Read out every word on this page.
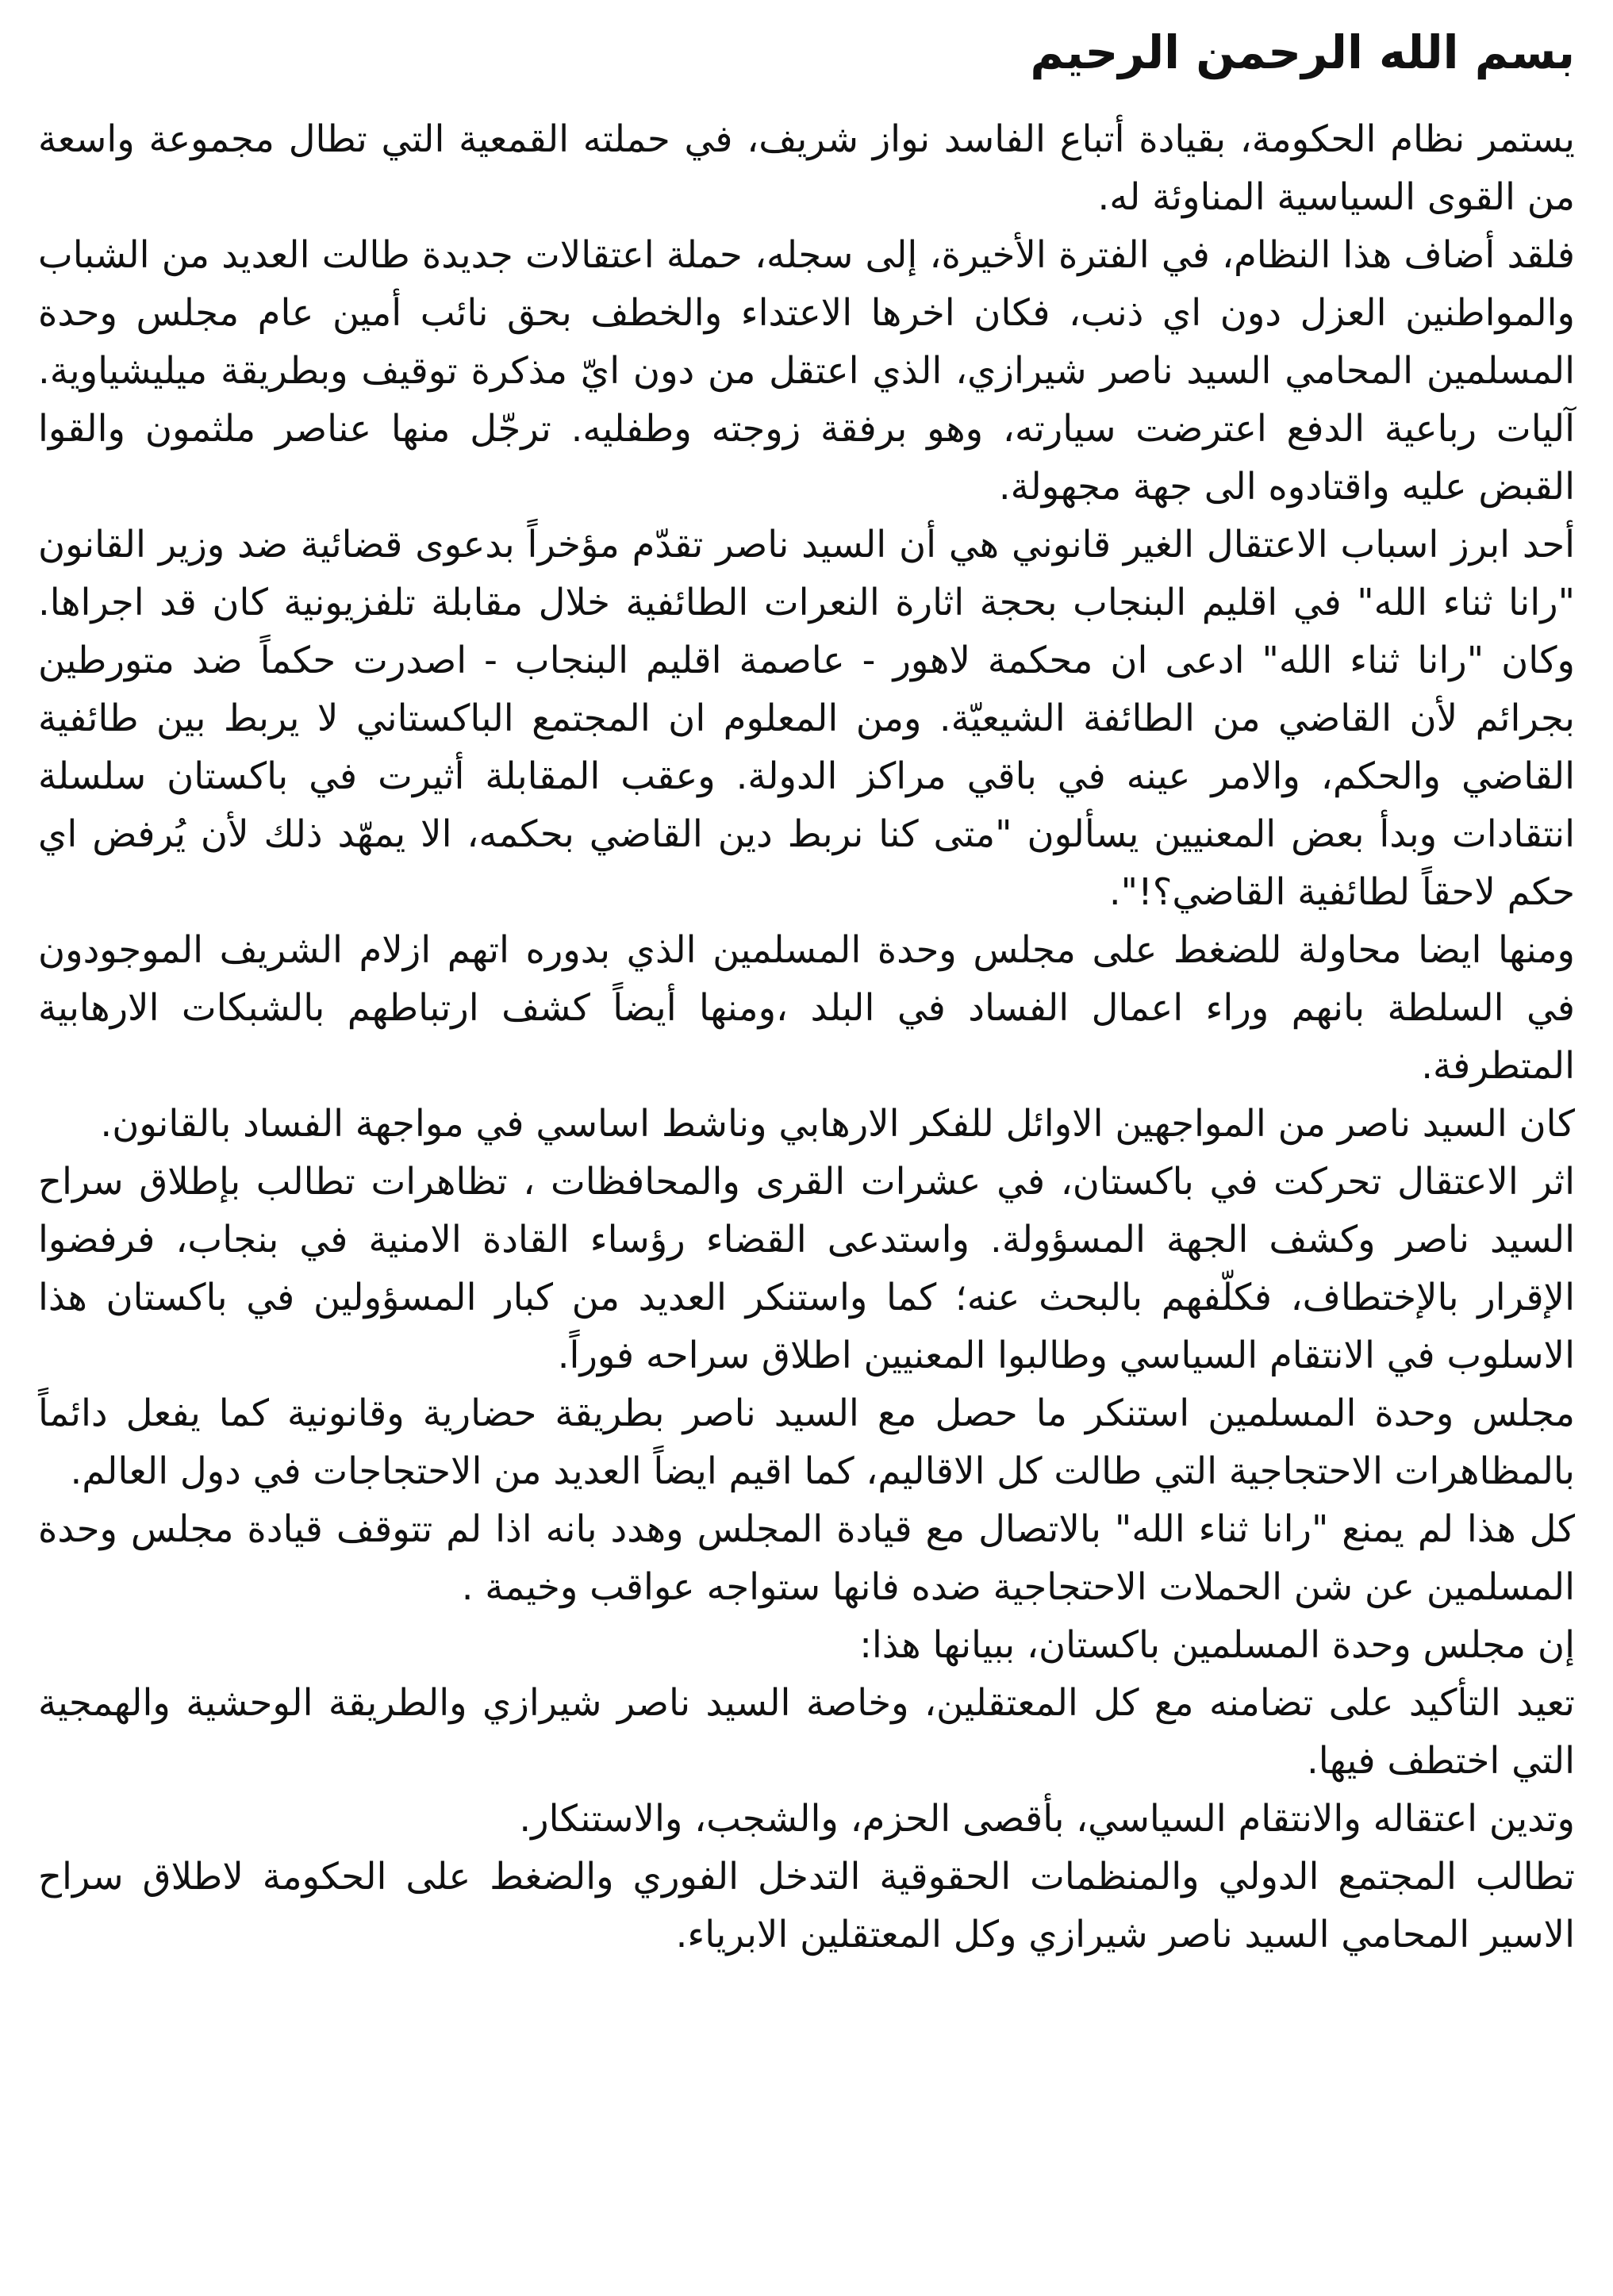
بسم الله الرحمن الرحيم

يستمر نظام الحكومة، بقيادة أتباع الفاسد نواز شريف، في حملته القمعية التي تطال مجموعة واسعة من القوى السياسية المناوئة له.

فلقد أضاف هذا النظام، في الفترة الأخيرة، إلى سجله، حملة اعتقالات جديدة طالت العديد من الشباب والمواطنين العزل دون اي ذنب، فكان اخرها الاعتداء والخطف بحق نائب أمين عام مجلس وحدة المسلمين المحامي السيد ناصر شيرازي، الذي اعتقل من دون ايّ مذكرة توقيف وبطريقة ميليشياوية. آليات رباعية الدفع اعترضت سيارته، وهو برفقة زوجته وطفليه. ترجّل منها عناصر ملثمون والقوا القبض عليه واقتادوه الى جهة مجهولة.

أحد ابرز اسباب الاعتقال الغير قانوني هي أن السيد ناصر تقدّم مؤخراً بدعوى قضائية ضد وزير القانون "رانا ثناء الله" في اقليم البنجاب بحجة اثارة النعرات الطائفية خلال مقابلة تلفزيونية كان قد اجراها. وكان "رانا ثناء الله" ادعى ان محكمة لاهور - عاصمة اقليم البنجاب - اصدرت حكماً ضد متورطين بجرائم لأن القاضي من الطائفة الشيعيّة. ومن المعلوم ان المجتمع الباكستاني لا يربط بين طائفية القاضي والحكم، والامر عينه في باقي مراكز الدولة. وعقب المقابلة أثيرت في باكستان سلسلة انتقادات وبدأ بعض المعنيين يسألون "متى كنا نربط دين القاضي بحكمه، الا يمهّد ذلك لأن يُرفض اي حكم لاحقاً لطائفية القاضي؟!".

ومنها ايضا محاولة للضغط على مجلس وحدة المسلمين الذي بدوره اتهم ازلام الشريف الموجودون في السلطة بانهم وراء اعمال الفساد في البلد ،ومنها أيضاً كشف ارتباطهم بالشبكات الارهابية المتطرفة.

كان السيد ناصر من المواجهين الاوائل للفكر الارهابي وناشط اساسي في مواجهة الفساد بالقانون.

اثر الاعتقال تحركت في باكستان، في عشرات القرى والمحافظات ، تظاهرات تطالب بإطلاق سراح السيد ناصر وكشف الجهة المسؤولة. واستدعى القضاء رؤساء القادة الامنية في بنجاب، فرفضوا الإقرار بالإختطاف، فكلّفهم بالبحث عنه؛ كما واستنكر العديد من كبار المسؤولين في باكستان هذا الاسلوب في الانتقام السياسي وطالبوا المعنيين اطلاق سراحه فوراً.

مجلس وحدة المسلمين استنكر ما حصل مع السيد ناصر بطريقة حضارية وقانونية كما يفعل دائماً بالمظاهرات الاحتجاجية التي طالت كل الاقاليم، كما اقيم ايضاً العديد من الاحتجاجات في دول العالم.

كل هذا لم يمنع "رانا ثناء الله" بالاتصال مع قيادة المجلس وهدد بانه اذا لم تتوقف قيادة مجلس وحدة المسلمين عن شن الحملات الاحتجاجية ضده فانها ستواجه عواقب وخيمة .

إن مجلس وحدة المسلمين باكستان، ببيانها هذا:

تعيد التأكيد على تضامنه مع كل المعتقلين، وخاصة السيد ناصر شيرازي والطريقة الوحشية والهمجية التي اختطف فيها.

وتدين اعتقاله والانتقام السياسي، بأقصى الحزم، والشجب، والاستنكار.

تطالب المجتمع الدولي والمنظمات الحقوقية التدخل الفوري والضغط على الحكومة لاطلاق سراح الاسير المحامي السيد ناصر شيرازي وكل المعتقلين الابرياء.
